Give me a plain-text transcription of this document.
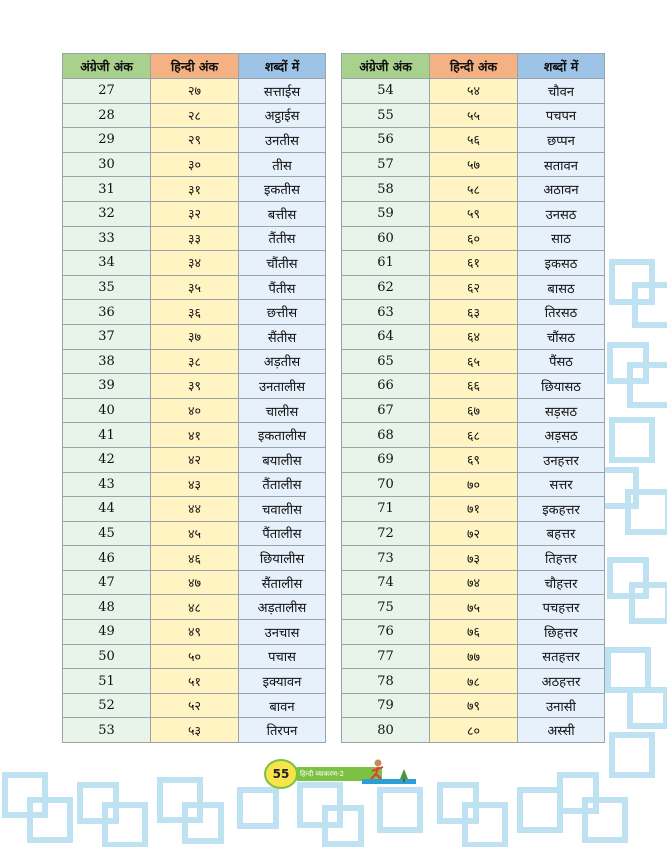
अंग्रेजी अंक	हिन्दी अंक	शब्दों में
27	२७	सत्ताईस
28	२८	अट्ठाईस
29	२९	उनतीस
30	३०	तीस
31	३१	इकतीस
32	३२	बत्तीस
33	३३	तैंतीस
34	३४	चौंतीस
35	३५	पैंतीस
36	३६	छत्तीस
37	३७	सैंतीस
38	३८	अड़तीस
39	३९	उनतालीस
40	४०	चालीस
41	४१	इकतालीस
42	४२	बयालीस
43	४३	तैंतालीस
44	४४	चवालीस
45	४५	पैंतालीस
46	४६	छियालीस
47	४७	सैंतालीस
48	४८	अड़तालीस
49	४९	उनचास
50	५०	पचास
51	५१	इक्यावन
52	५२	बावन
53	५३	तिरपन
अंग्रेजी अंक	हिन्दी अंक	शब्दों में
54	५४	चौवन
55	५५	पचपन
56	५६	छप्पन
57	५७	सतावन
58	५८	अठावन
59	५९	उनसठ
60	६०	साठ
61	६१	इकसठ
62	६२	बासठ
63	६३	तिरसठ
64	६४	चौंसठ
65	६५	पैंसठ
66	६६	छियासठ
67	६७	सड़सठ
68	६८	अड़सठ
69	६९	उनहत्तर
70	७०	सत्तर
71	७१	इकहत्तर
72	७२	बहत्तर
73	७३	तिहत्तर
74	७४	चौहत्तर
75	७५	पचहत्तर
76	७६	छिहत्तर
77	७७	सतहत्तर
78	७८	अठहत्तर
79	७९	उनासी
80	८०	अस्सी
55	हिन्दी व्याकरण-2
